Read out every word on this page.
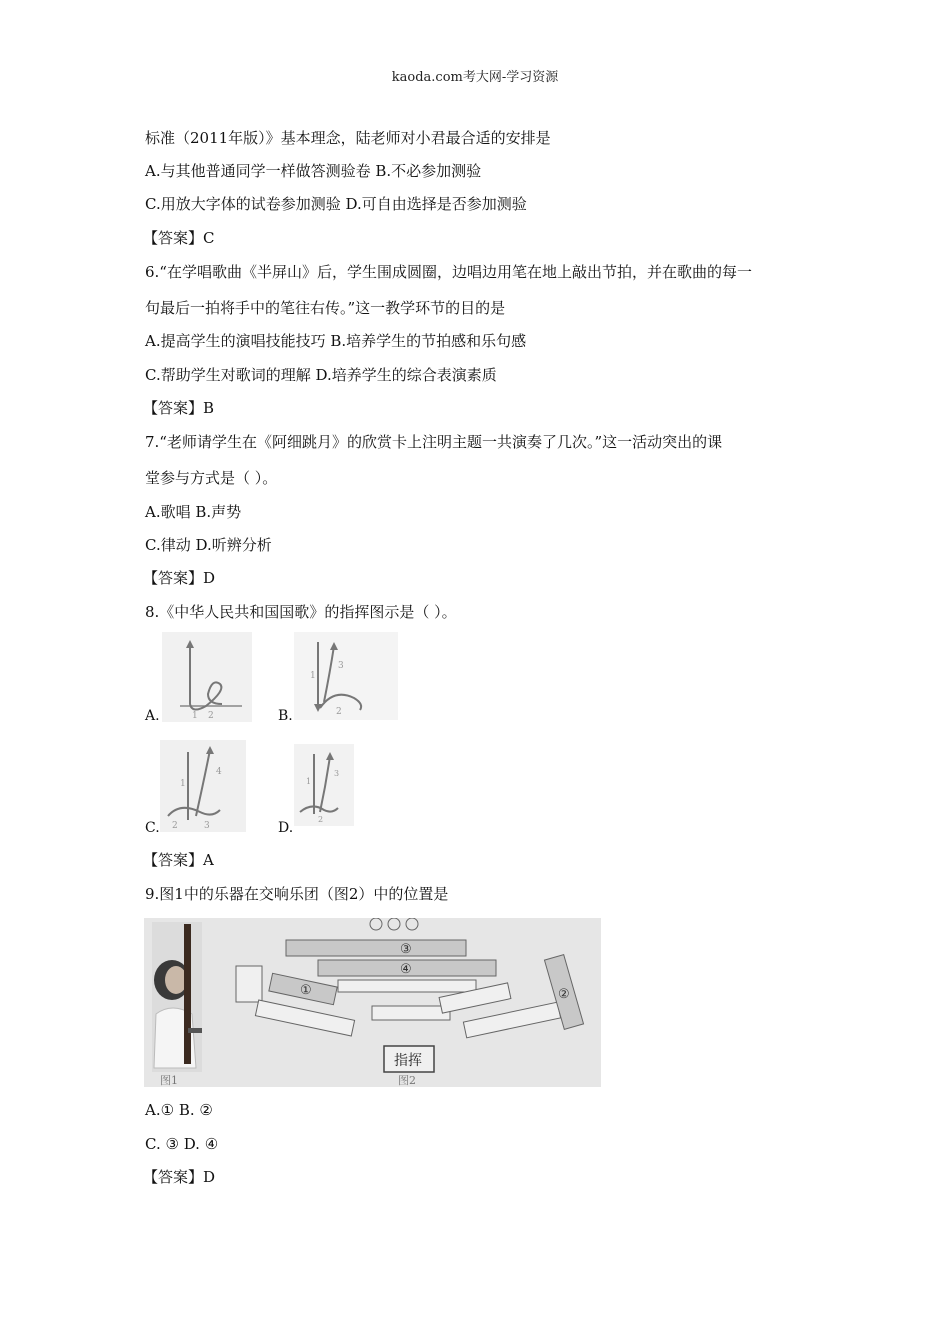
kaoda.com考大网-学习资源
标准（2011年版）》基本理念，陆老师对小君最合适的安排是
A.与其他普通同学一样做答测验卷 B.不必参加测验
C.用放大字体的试卷参加测验 D.可自由选择是否参加测验
【答案】C
6.“在学唱歌曲《半屏山》后，学生围成圆圈，边唱边用笔在地上敲出节拍，并在歌曲的每一
句最后一拍将手中的笔往右传。”这一教学环节的目的是
A.提高学生的演唱技能技巧 B.培养学生的节拍感和乐句感
C.帮助学生对歌词的理解 D.培养学生的综合表演素质
【答案】B
7.“老师请学生在《阿细跳月》的欣赏卡上注明主题一共演奏了几次。”这一活动突出的课
堂参与方式是（ ）。
A.歌唱 B.声势
C.律动 D.听辨分析
【答案】D
8.《中华人民共和国国歌》的指挥图示是（ ）。
A.	1 2	B.
1
2
3
C.
1
2	3
4
D.
1
2
3
【答案】A
9.图1中的乐器在交响乐团（图2）中的位置是
③
④
①	②
指挥
图1	图2
A.① B. ②
C. ③ D. ④
【答案】D
